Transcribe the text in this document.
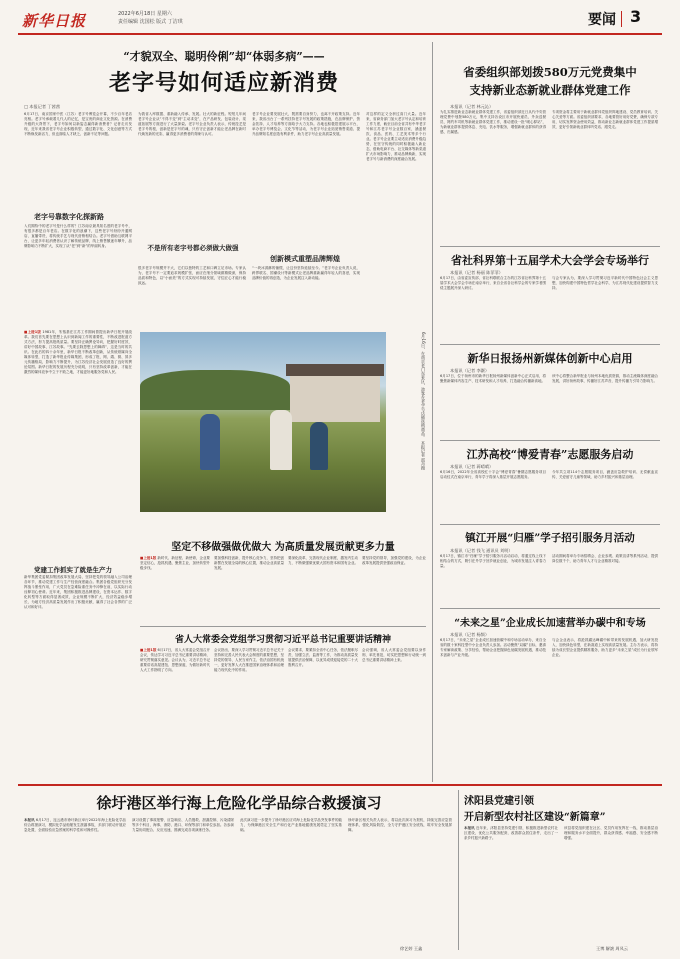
新华日报	2022年6月18日 星期六
责任编辑 沈国松 版式 丁洁琪	要闻 3
“才貌双全、聪明伶俐”却“体弱多病”——
老字号如何适应新消费
□ 本报记者 丁茜茜
6月17日，南京国家中医（江苏）老字号博览会开幕，不少百年老店亮相。老字号承载着几代人的记忆，是宝贵的商业文化资源。在消费升级的大背景下，老字号如何以新姿态赢得新消费者？记者走访发现，近年来我省老字号企业积极转型，通过数字化、文化创意等方式不断焕发新活力，但也面临人才缺乏、创新不足等问题。
老字号靠数字化探新路
入们期待中的老字号是什么样的？江苏南京最具知名度的老字号中，有很多都是百年老店。在数字化的浪潮下，这些老字号纷纷开通网店、直播带货，将传统手艺与现代营销相结合。老字号借助互联网平台，让更多年轻消费者认识了解传统品牌，线上销售额逐年攀升，品牌影响力不断扩大，实现了从“老”到“新”的华丽转身。
为我省入库数据、重新融入传承、发展。壮大的新征程。短短几年间老字号企业从“不得不变”到“主动求变”，在产品研发、包装设计、渠道拓展等方面进行了大量探索。老字号企业负责人表示，传统技艺是老字号的根，创新是老字号的魂，只有守正创新才能让老品牌在新时代焕发新的光彩，赢得更多消费者的青睐与认可。
不是所有老字号都必须做大做强
很多老字号规模并不大，它们以独特的工艺和口碑立足市场。专家认为，老字号不一定要追求规模扩张，而应在细分领域做精做深，保持品质和特色，以“小而美”的方式实现可持续发展，守住匠心才能行稳致远。
老字号企业要发展壮大，既需要自身努力，也离不开政策支持。近年来，我省出台了一系列扶持老字号发展的政策措施，在品牌保护、资金扶持、人才培养等方面给予大力支持。各地也积极搭建展示平台，举办老字号博览会、文化节等活动，为老字号企业拓宽销售渠道、提升品牌知名度创造有利条件，助力老字号企业高质量发展。
创新模式重塑品牌辉煌
“一块冰淇淋的憧憬，让这份坚持延续至今。”老字号企业负责人说，跨界联名、国潮设计等新模式让老品牌重新赢得年轻人的喜爱，实现品牌价值的再创造，为企业发展注入新动能。
对这样的定义全析过高门大量。近年来，省商务部门加大老字号认定和培育工作力度，截至目前全省共有中华老字号和江苏老字号企业数百家，涵盖餐饮、食品、医药、工艺美术等多个行业。老字号企业要主动适应消费升级趋势，在坚守传统的同时积极融入新业态，借助电商平台、社交媒体等新渠道扩大市场影响力，推动品牌焕新，实现老字号与新消费的深度融合发展。
■上接1版 1981年，朱镕基在江苏工作期间曾提出新华日报开展改革。我们首先要在思想上认识到新闻工作的重要性，不断改进报道方式方法，努力提高报纸质量。要坚持正确舆论导向，把握好时度效，讲好中国故事、江苏故事。“先要去除思想上的障碍”，这是当时的共识。在此后的四十余年里，新华日报不断改革创新，从传统纸媒向全媒体转型，打造了新华报业传媒集团，形成了报、网、端、微、屏多元传播格局，影响力不断提升，为江苏经济社会发展营造了良好的舆论氛围。新华日报的发展历程充分说明，只有坚持改革创新，才能在激烈的媒体竞争中立于不败之地，才能更好地服务党和人民。
党建工作抓实了就是生产力
新华集团党委紧扣集团改革发展大局，坚持把党的领导融入公司治理各环节，推动党建工作与生产经营深度融合。集团各级党组织充分发挥战斗堡垒作用，广大党员在急难险重任务中冲锋在前，以实际行动诠释初心使命。近年来，集团积极推进品牌建设，在资本运作、数字化转型等方面取得显著成效，企业规模不断扩大，经济效益稳步增长，为地方经济高质量发展作出了积极贡献，赢得了社会各界的广泛认可和好评。
6月16日，在南京老门东景区，游客在老字号店铺选购商品。 本报记者 邵丹摄
坚定不移做强做优做大 为高质量发展贡献更多力量
■上接1版 新时代、新征程、新使命，企业要坚定信心，抢抓机遇，聚焦主业，加快转型升级步伐。
要加强科技创新，提升核心竞争力，坚持把创新摆在发展全局的核心位置，推动企业高质量发展。
要深化改革，完善现代企业制度，激发内生动力，不断做强做优做大国有资本和国有企业。
要坚持党的领导，加强党的建设，为企业改革发展提供坚强政治保证。
省人大常委会党组学习贯彻习近平总书记重要讲话精神
■上接1版 6月17日，省人大常委会党组召开会议，传达学习习近平总书记重要讲话精神，研究贯彻落实意见。会议认为，习近平总书记重要讲话高屋建瓴、思想深邃，为做好新时代人大工作指明了方向。
会议指出，要深入学习贯彻习近平总书记关于坚持和完善人民代表大会制度的重要思想，坚持党的领导、人民当家作主、依法治国有机统一，更好发挥人大在推进国家治理体系和治理能力现代化中的作用。
会议要求，要紧扣全省中心任务，依法履职尽责，加强立法、监督等工作，为推动高质量发展提供法治保障，以优异成绩迎接党的二十大胜利召开。
会议强调，省人大常委会党组要以身作则、率先垂范，切实把思想和行动统一到总书记重要讲话精神上来。
省委组织部划拨580万元党费集中
支持新业态新就业群体党建工作
本报讯（记者 林元沁）
为扎实推进新业态新就业群体党建工作，省委组织部近日从代中央管理党费中划拨580万元，集中支持各设区市开展快递员、外卖送餐员、网约车司机等新就业群体党建工作，推动建设一批“暖心驿站”，为新就业群体提供休息、充电、饮水等服务，增强新就业群体的获得感、归属感。
专项资金将主要用于新就业群体党组织阵地建设、党员教育培训、关心关爱等方面。省委组织部要求，各地要管好用好党费，确保专款专用，切实发挥资金使用效益，推动新业态新就业群体党建工作提质增效，更好引领新就业群体听党话、跟党走。
省社科界第十五届学术大会学会专场举行
本报讯（记者 杨丽 陈菲菲）
6月17日，由省委宣传部、省社科联联合主办的江苏省社科界第十五届学术大会学会专场在南京举行，来自全省各社科学会的专家学者围绕主题展开深入研讨。
与会专家认为，要深入学习贯彻习近平新时代中国特色社会主义思想，加快构建中国特色哲学社会科学，为江苏现代化建设提供智力支持。
新华日报扬州新媒体创新中心启用
本报讯（记者 李灏）
6月17日，位于扬州市的新华日报扬州新媒体创新中心正式启用，将聚焦新媒体内容生产、技术研发和人才培养，打造融合传播新高地。
该中心将整合新华报业与扬州本地优质资源，推动主流媒体深度融合发展，讲好扬州故事，传播好江苏声音，提升传播力引导力影响力。
江苏高校“博爱青春”志愿服务启动
本报讯（记者 蒋晴晴）
6月16日，2022年全省高校红十字会“博爱青春”暑期志愿服务项目启动仪式在南京举行，青年学子将深入基层开展志愿服务。
今年共立项114个志愿服务项目，涵盖应急救护培训、无偿献血宣传、关爱留守儿童等领域，助力乡村振兴和基层治理。
镇江开展“归雁”学子招引服务月活动
本报讯（记者 钱飞 通讯员 刘明）
6月17日，镇江市“归雁”学子招引服务月活动启动，将通过线上线下相结合的方式，吸引在外学子回乡就业创业，为城市发展注入青春力量。
活动期间将举办专场招聘会、企业参观、政策宣讲等系列活动，提供岗位数千个，助力青年人才与企业精准对接。
“未来之星”企业成长加速营举办碳中和专场
本报讯（记者 杨频）
6月17日，“未来之星”企业成长加速营碳中和专场活动举办，来自全省的数十家科技型中小企业负责人参加。活动聚焦“双碳”目标，邀请专家解读政策、分享经验，帮助企业把握绿色低碳发展机遇，推动技术创新与产业升级。
与会企业表示，将抢抓碳达峰碳中和带来的发展机遇，加大研发投入，加快绿色转型，在新赛道上实现高质量发展。主办方表示，将持续为成长型企业提供精准服务，助力更多“未来之星”成长为行业领军企业。
徐圩港区举行海上危险化学品综合救援演习
本报讯 6月17日，连云港市徐圩新区举行2022年海上危险化学品综合救援演习，模拟化学品船舶发生泄漏事故，多部门联动开展应急处置，全面检验应急预案的科学性和可操作性。
演习设置了事故报警、应急响应、人员搜救、泄漏控制、污染清除等多个科目，海事、消防、港口、环保等部门和单位参加。各参演力量协同配合、反应迅速，圆满完成各项演练任务。
此次演习进一步提升了徐圩港区应对海上危险化学品突发事件的能力，为保障港区安全生产和石化产业基地健康发展奠定了坚实基础。
徐圩新区相关负责人表示，将以此次演习为契机，持续完善应急管理体系，强化风险防控，全力守护港区安全底线，筑牢安全发展屏障。
徐艺婷 王鑫
沭阳县党建引领
开启新型农村社区建设“新篇章”
本报讯 近年来，沭阳县坚持党建引领，积极推进新型农村社区建设，优化公共服务配套，改善群众居住条件，走出了一条乡村振兴新路子。
该县将党组织建在社区、党员作用发挥在一线，推动基层治理和服务水平全面提升，群众获得感、幸福感、安全感不断增强。
王博 解滚 周凤云
